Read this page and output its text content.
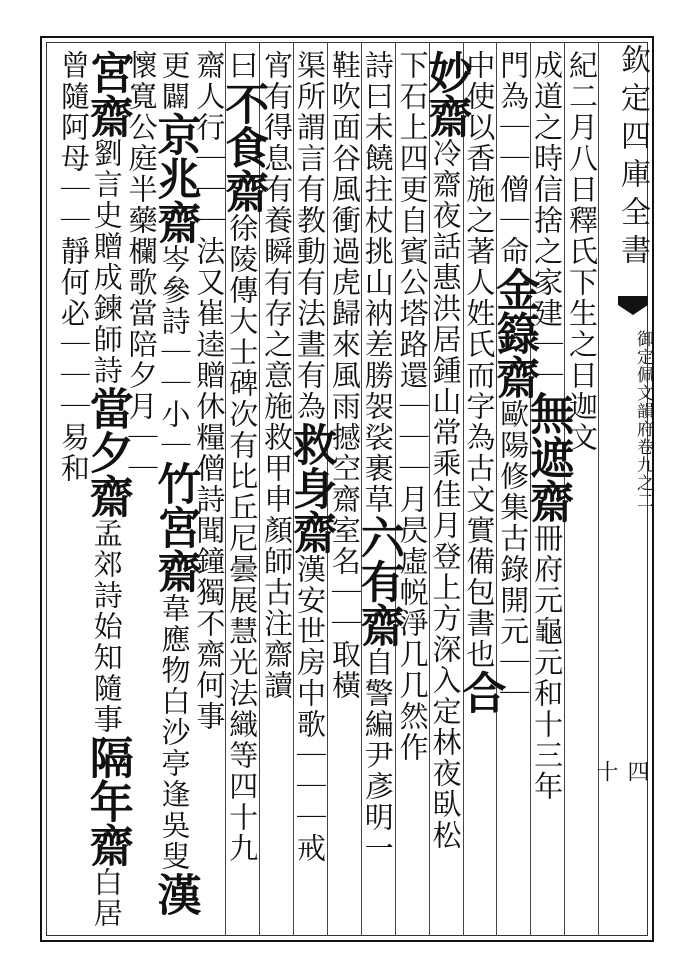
欽定四庫全書
御定佩文韻府卷九之二
四十
紀二月八日釋氏下生之日迦文
成道之時信捨之家建｜｜無遮齋冊府元龜元和十三年
門為｜｜僧｜命金籙齋歐陽修集古錄開元｜｜
中使以香施之著人姓氏而字為古文實備包書也合
妙齋冷齋夜話惠洪居鍾山常乘佳月登上方深入定林夜臥松
下石上四更自賓公塔路還｜｜｜月昃虛帨淨几几然作
詩曰未饒拄杖挑山衲差勝袈裟裹草六有齋自警編尹彥明一
鞋吹面谷風衝過虎歸來風雨撼空齋室名｜｜取橫
渠所謂言有教動有法晝有為救身齋漢安世房中歌｜｜｜戒
宵有得息有養瞬有存之意施救甲申顏師古注齋讀
曰不食齋徐陵傳大士碑次有比丘尼曇展慧光法織等四十九
齋人行｜｜｜法又崔逵贈休糧僧詩聞鐘獨不齋何事
更闢京兆齋岑參詩｜｜小｜竹宮齋韋應物白沙亭逢吳叟漢
懷寬公庭半藥欄歌當陪夕月｜｜
宮齋劉言史贈成鍊師詩當夕齋孟郊詩始知隨事隔年齋白居
曾隨阿母｜｜靜何必｜｜｜易和
